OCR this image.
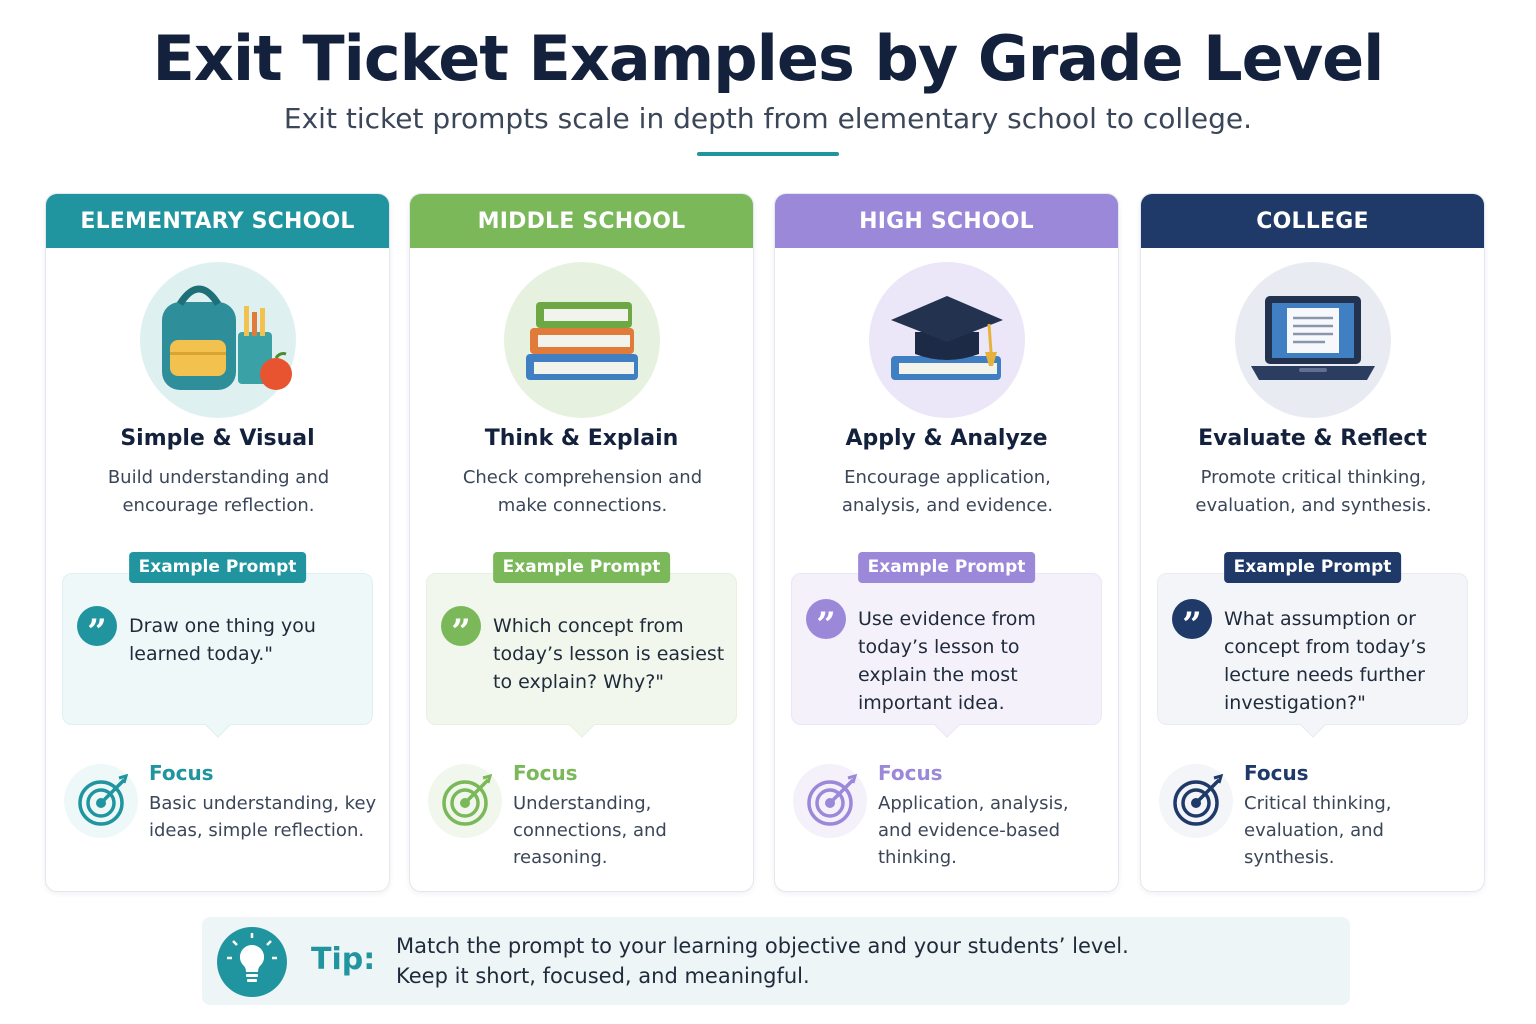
Exit Ticket Examples by Grade Level
Exit ticket prompts scale in depth from elementary school to college.
ELEMENTARY SCHOOL
Simple & Visual
Build understanding and encourage reflection.
Example Prompt
”	Draw one thing you learned today."
Focus
Basic understanding, key ideas, simple reflection.
MIDDLE SCHOOL
Think & Explain
Check comprehension and make connections.
Example Prompt
”	Which concept from today’s lesson is easiest to explain? Why?"
Focus
Understanding, connections, and reasoning.
HIGH SCHOOL
Apply & Analyze
Encourage application, analysis, and evidence.
Example Prompt
”	Use evidence from today’s lesson to explain the most important idea.
Focus
Application, analysis, and evidence-based thinking.
COLLEGE
Evaluate & Reflect
Promote critical thinking, evaluation, and synthesis.
Example Prompt
”	What assumption or concept from today’s lecture needs further investigation?"
Focus
Critical thinking, evaluation, and synthesis.
Tip: Match the prompt to your learning objective and your students’ level.
Keep it short, focused, and meaningful.
